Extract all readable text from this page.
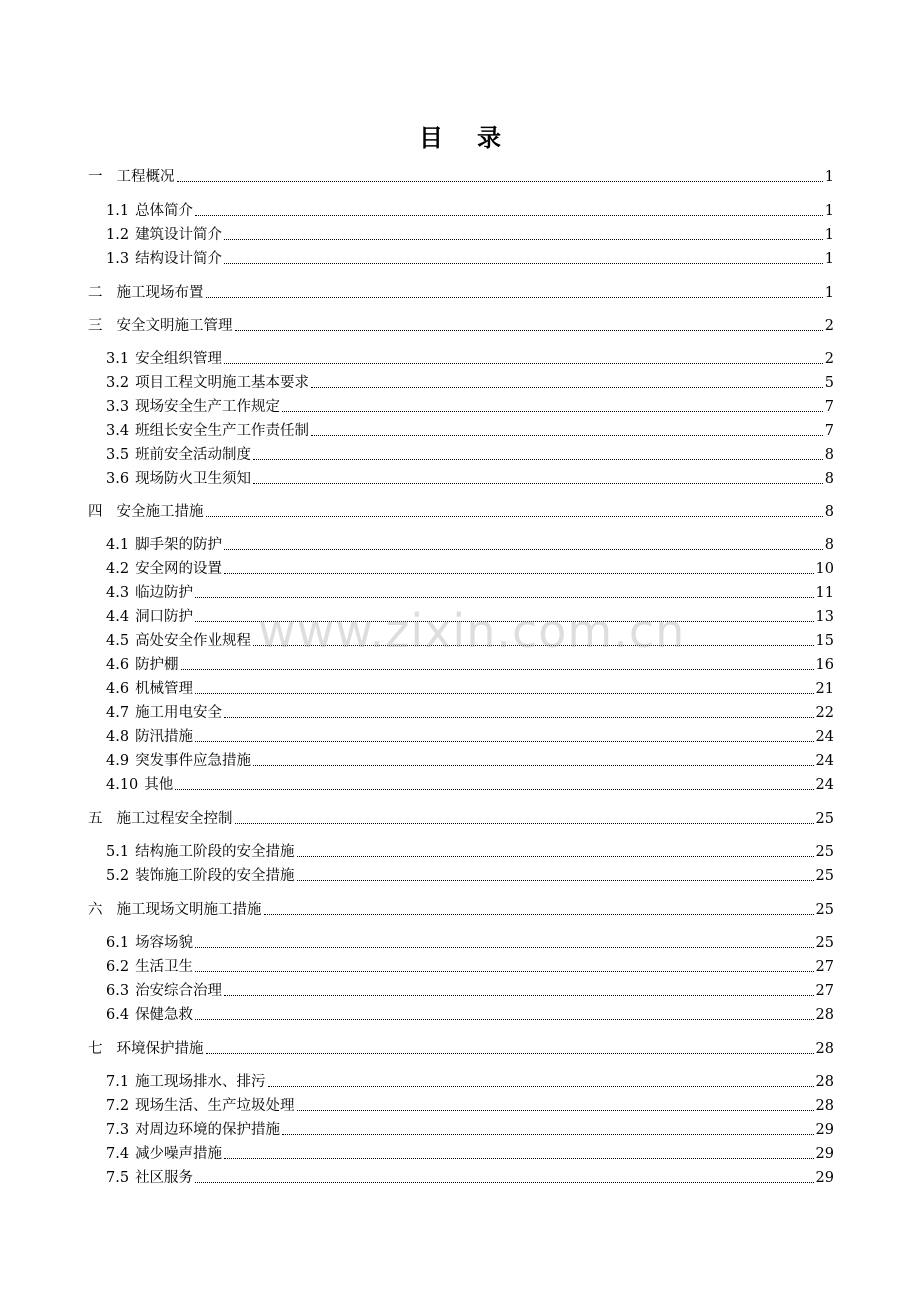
目 录
一 工程概况	1
1.1 总体简介	1
1.2 建筑设计简介	1
1.3 结构设计简介	1
二 施工现场布置	1
三 安全文明施工管理	2
3.1 安全组织管理	2
3.2 项目工程文明施工基本要求	5
3.3 现场安全生产工作规定	7
3.4 班组长安全生产工作责任制	7
3.5 班前安全活动制度	8
3.6 现场防火卫生须知	8
四 安全施工措施	8
4.1 脚手架的防护	8
4.2 安全网的设置	10
4.3 临边防护	11
4.4 洞口防护	13
4.5 高处安全作业规程	15
4.6 防护棚	16
4.6 机械管理	21
4.7 施工用电安全	22
4.8 防汛措施	24
4.9 突发事件应急措施	24
4.10 其他	24
五 施工过程安全控制	25
5.1 结构施工阶段的安全措施	25
5.2 装饰施工阶段的安全措施	25
六 施工现场文明施工措施	25
6.1 场容场貌	25
6.2 生活卫生	27
6.3 治安综合治理	27
6.4 保健急救	28
七 环境保护措施	28
7.1 施工现场排水、排污	28
7.2 现场生活、生产垃圾处理	28
7.3 对周边环境的保护措施	29
7.4 减少噪声措施	29
7.5 社区服务	29
www.zixin.com.cn
